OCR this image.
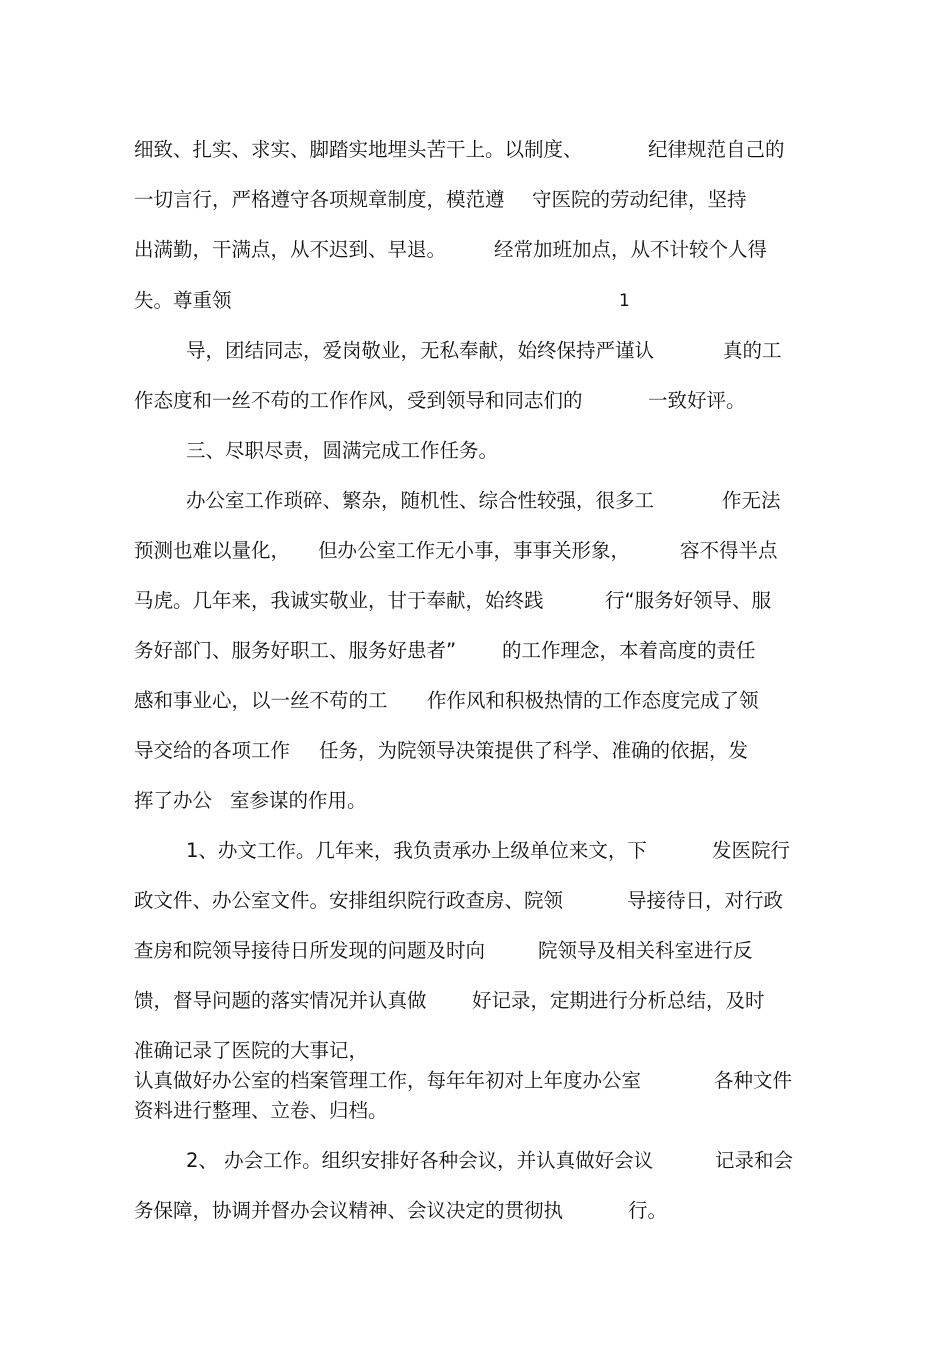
细致、扎实、求实、脚踏实地埋头苦干上。以制度、	纪律规范自己的
一切言行，严格遵守各项规章制度，模范遵 守医院的劳动纪律，坚持
出满勤，干满点，从不迟到、早退。 经常加班加点，从不计较个人得
失。尊重领
导，团结同志，爱岗敬业，无私奉献，始终保持严谨认	真的工
作态度和一丝不苟的工作作风，受到领导和同志们的	一致好评。
三、尽职尽责，圆满完成工作任务。
办公室工作琐碎、繁杂，随机性、综合性较强，很多工	作无法
预测也难以量化， 但办公室工作无小事，事事关形象，	容不得半点
马虎。几年来，我诚实敬业，甘于奉献，始终践	行“服务好领导、服
务好部门、服务好职工、服务好患者” 的工作理念，本着高度的责任
感和事业心，以一丝不苟的工 作作风和积极热情的工作态度完成了领
导交给的各项工作 任务，为院领导决策提供了科学、准确的依据，发
挥了办公 室参谋的作用。
1、办文工作。几年来，我负责承办上级单位来文，下	发医院行
政文件、办公室文件。安排组织院行政查房、院领	导接待日，对行政
查房和院领导接待日所发现的问题及时向	院领导及相关科室进行反
馈，督导问题的落实情况并认真做 好记录，定期进行分析总结，及时
准确记录了医院的大事记，
认真做好办公室的档案管理工作，每年年初对上年度办公室	各种文件
资料进行整理、立卷、归档。
2、 办会工作。组织安排好各种会议，并认真做好会议	记录和会
务保障，协调并督办会议精神、会议决定的贯彻执	行。
1
